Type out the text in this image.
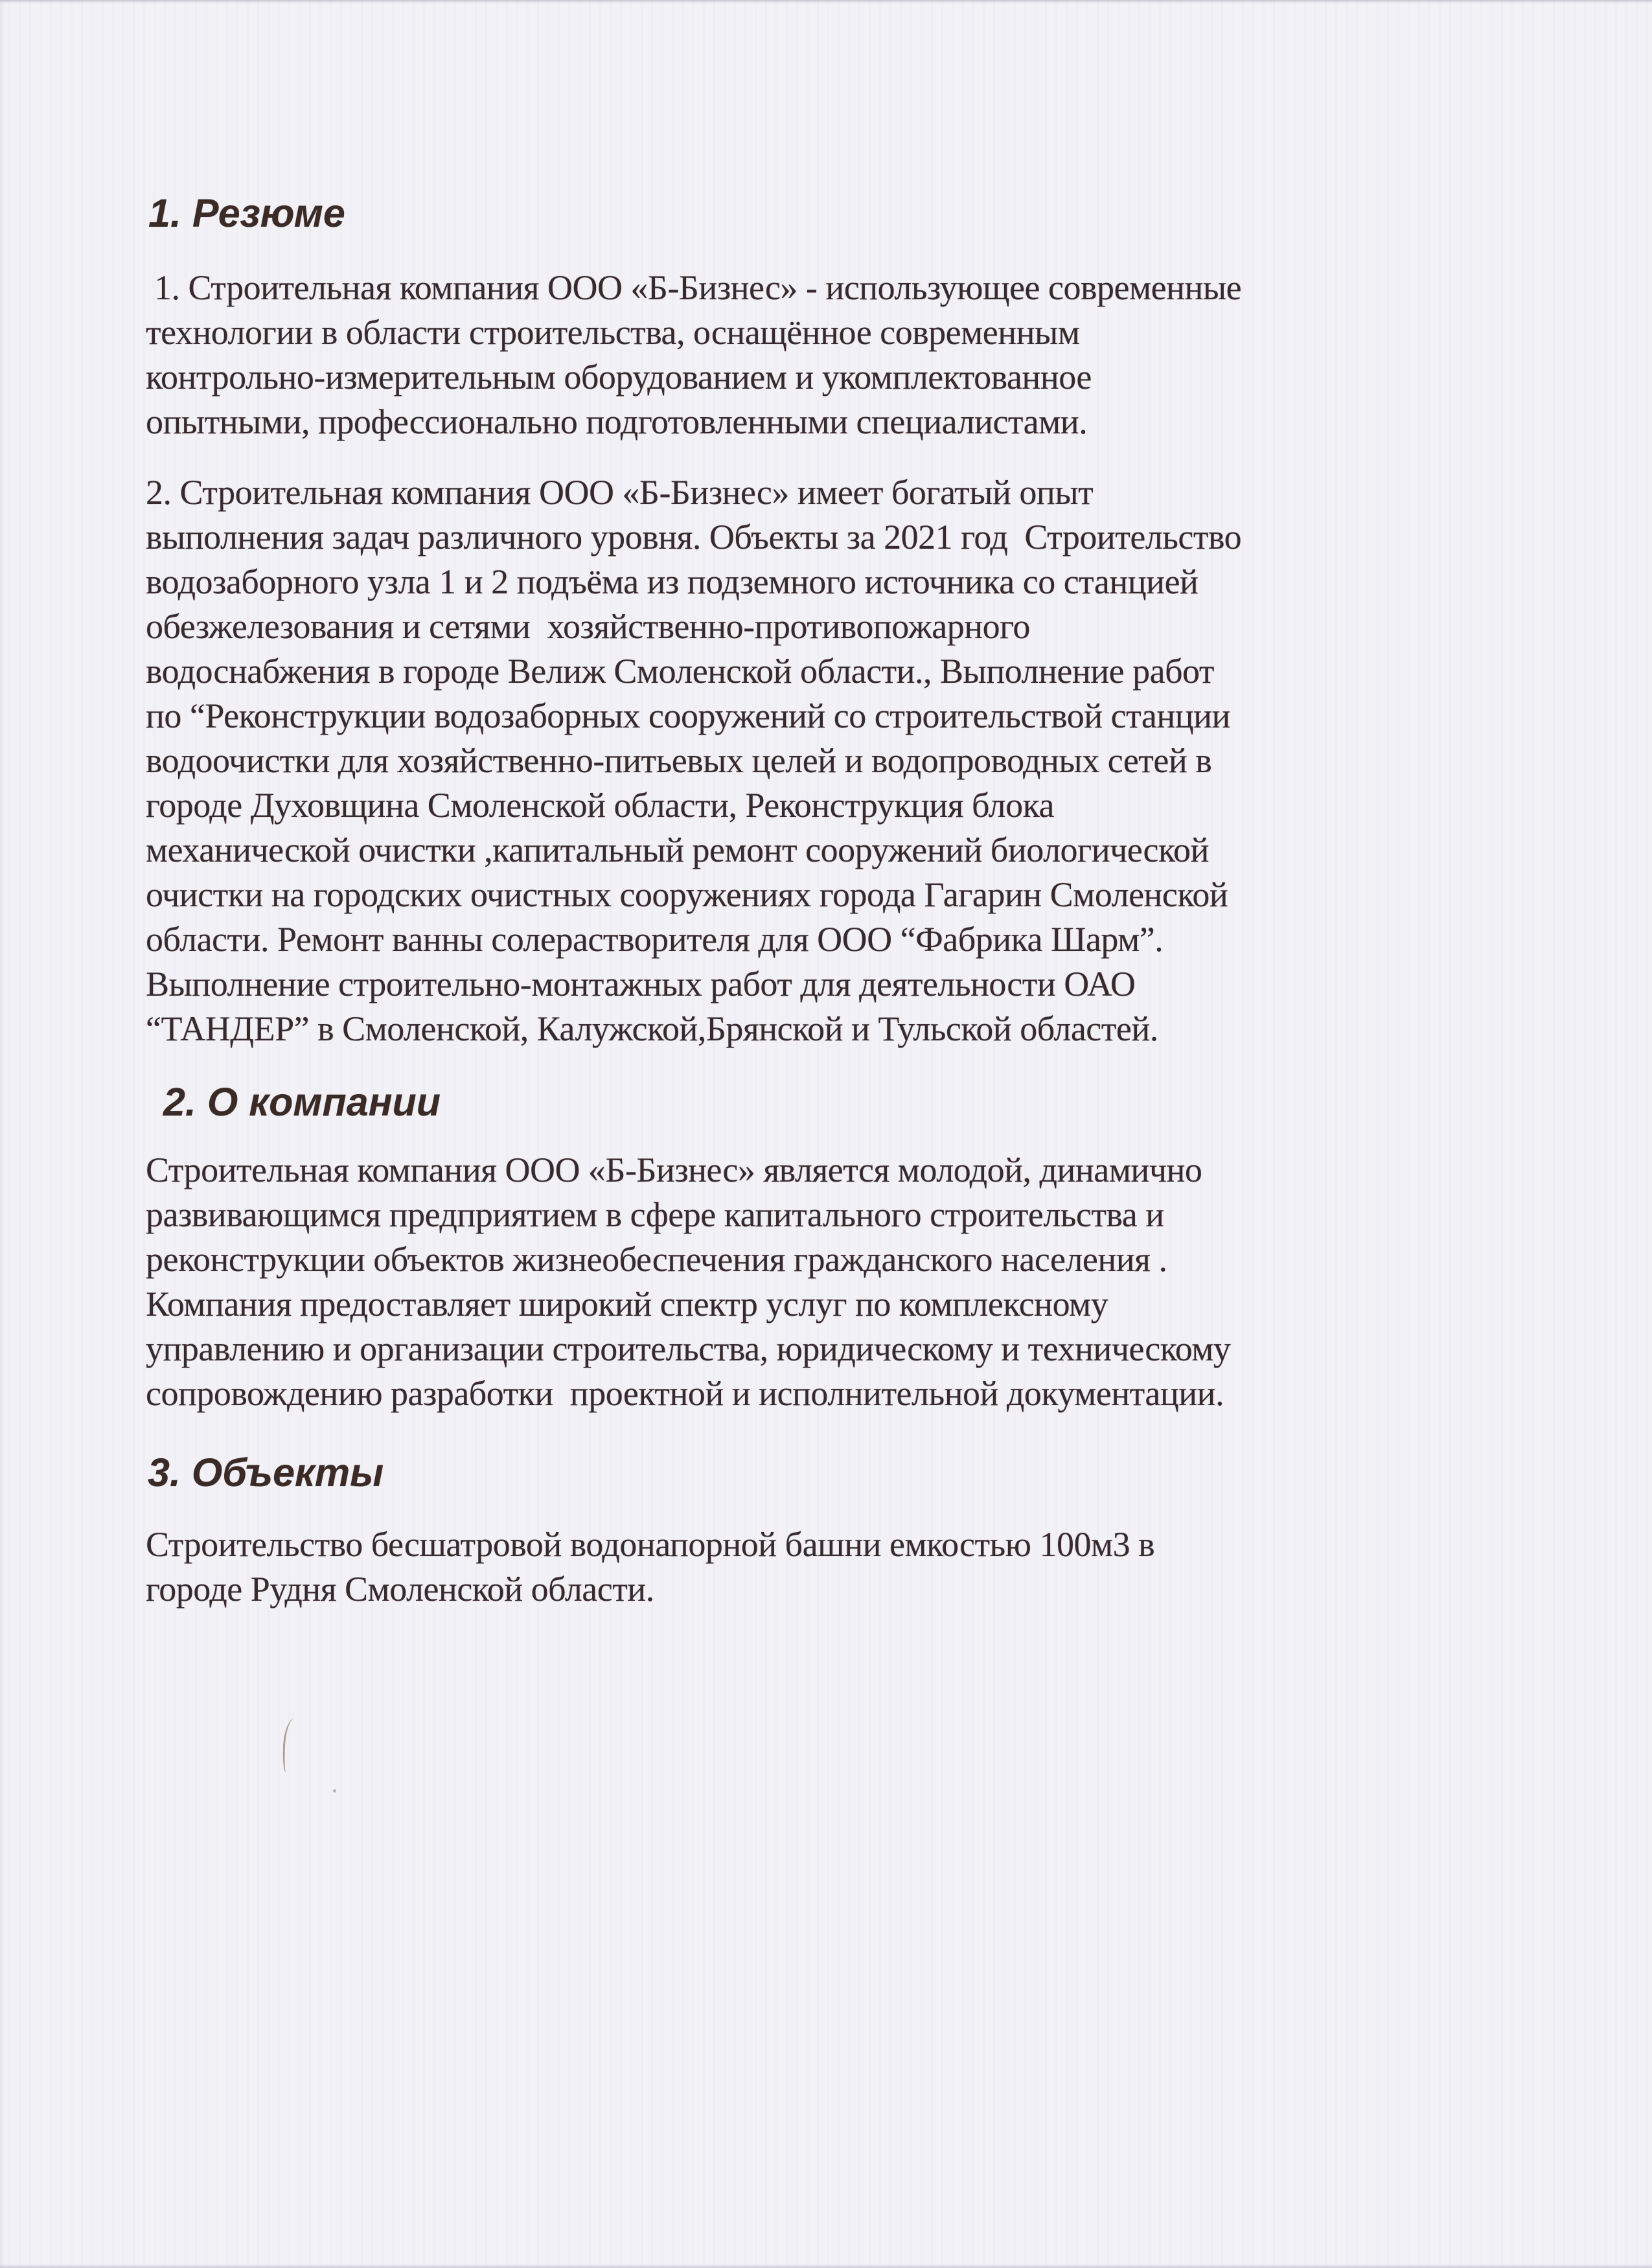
1. Резюме
1. Строительная компания ООО «Б-Бизнес» - использующее современные
технологии в области строительства, оснащённое современным
контрольно-измерительным оборудованием и укомплектованное
опытными, профессионально подготовленными специалистами.
2. Строительная компания ООО «Б-Бизнес» имеет богатый опыт
выполнения задач различного уровня. Объекты за 2021 год  Строительство
водозаборного узла 1 и 2 подъёма из подземного источника со станцией
обезжелезования и сетями  хозяйственно-противопожарного
водоснабжения в городе Велиж Смоленской области., Выполнение работ
по “Реконструкции водозаборных сооружений со строительствой станции
водоочистки для хозяйственно-питьевых целей и водопроводных сетей в
городе Духовщина Смоленской области, Реконструкция блока
механической очистки ,капитальный ремонт сооружений биологической
очистки на городских очистных сооружениях города Гагарин Смоленской
области. Ремонт ванны солерастворителя для ООО “Фабрика Шарм”.
Выполнение строительно-монтажных работ для деятельности ОАО
“ТАНДЕР” в Смоленской, Калужской,Брянской и Тульской областей.
2. О компании
Строительная компания ООО «Б-Бизнес» является молодой, динамично
развивающимся предприятием в сфере капитального строительства и
реконструкции объектов жизнеобеспечения гражданского населения .
Компания предоставляет широкий спектр услуг по комплексному
управлению и организации строительства, юридическому и техническому
сопровождению разработки  проектной и исполнительной документации.
3. Объекты
Строительство бесшатровой водонапорной башни емкостью 100м3 в
городе Рудня Смоленской области.
